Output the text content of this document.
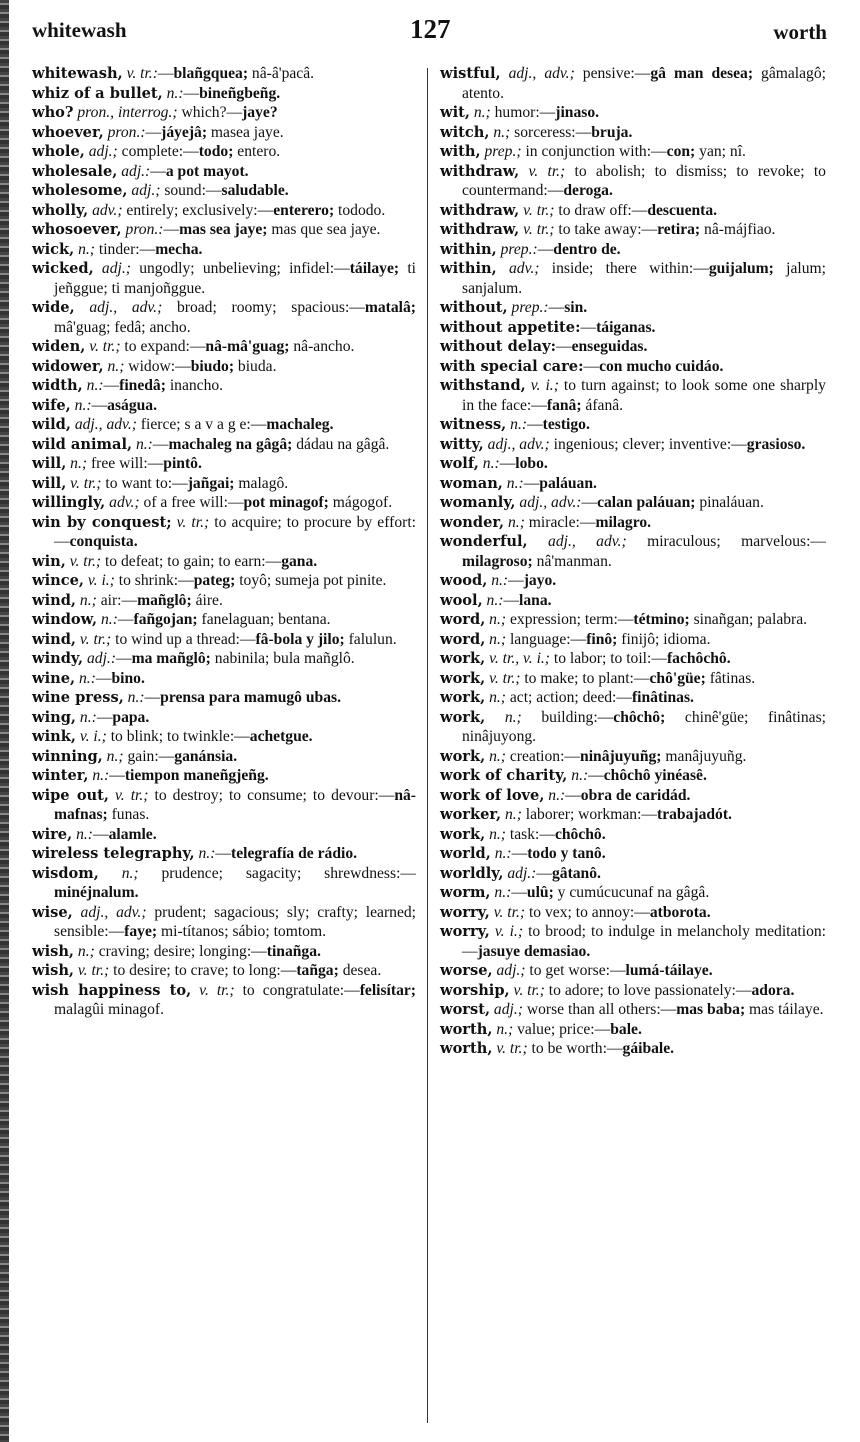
whitewash	127	worth
whitewash, v. tr.:—blañgquea; nâ-â'pacâ.
whiz of a bullet, n.:—bineñgbeñg.
who? pron., interrog.; which?—jaye?
whoever, pron.:—jáyejâ; masea jaye.
whole, adj.; complete:—todo; entero.
wholesale, adj.:—a pot mayot.
wholesome, adj.; sound:—saludable.
wholly, adv.; entirely; exclusively:—enterero; tododo.
whosoever, pron.:—mas sea jaye; mas que sea jaye.
wick, n.; tinder:—mecha.
wicked, adj.; ungodly; unbelieving; infidel:—táilaye; ti jeñggue; ti manjoñggue.
wide, adj., adv.; broad; roomy; spacious:—matalâ; mâ'guag; fedâ; ancho.
widen, v. tr.; to expand:—nâ-mâ'guag; nâ-ancho.
widower, n.; widow:—biudo; biuda.
width, n.:—finedâ; inancho.
wife, n.:—aságua.
wild, adj., adv.; fierce; s a v a g e:—machaleg.
wild animal, n.:—machaleg na gâgâ; dádau na gâgâ.
will, n.; free will:—pintô.
will, v. tr.; to want to:—jañgai; malagô.
willingly, adv.; of a free will:—pot minagof; mágogof.
win by conquest; v. tr.; to acquire; to procure by effort:—conquista.
win, v. tr.; to defeat; to gain; to earn:—gana.
wince, v. i.; to shrink:—pateg; toyô; sumeja pot pinite.
wind, n.; air:—mañglô; áire.
window, n.:—fañgojan; fanelaguan; bentana.
wind, v. tr.; to wind up a thread:—fâ-bola y jilo; falulun.
windy, adj.:—ma mañglô; nabinila; bula mañglô.
wine, n.:—bino.
wine press, n.:—prensa para mamugô ubas.
wing, n.:—papa.
wink, v. i.; to blink; to twinkle:—achetgue.
winning, n.; gain:—ganánsia.
winter, n.:—tiempon maneñgjeñg.
wipe out, v. tr.; to destroy; to consume; to devour:—nâ-mafnas; funas.
wire, n.:—alamle.
wireless telegraphy, n.:—telegrafía de rádio.
wisdom, n.; prudence; sagacity; shrewdness:—minéjnalum.
wise, adj., adv.; prudent; sagacious; sly; crafty; learned; sensible:—faye; mi-títanos; sábio; tomtom.
wish, n.; craving; desire; longing:—tinañga.
wish, v. tr.; to desire; to crave; to long:—tañga; desea.
wish happiness to, v. tr.; to congratulate:—felisítar; malagûi minagof.
wistful, adj., adv.; pensive:—gâ man desea; gâmalagô; atento.
wit, n.; humor:—jinaso.
witch, n.; sorceress:—bruja.
with, prep.; in conjunction with:—con; yan; nî.
withdraw, v. tr.; to abolish; to dismiss; to revoke; to countermand:—deroga.
withdraw, v. tr.; to draw off:—descuenta.
withdraw, v. tr.; to take away:—retira; nâ-májfiao.
within, prep.:—dentro de.
within, adv.; inside; there within:—guijalum; jalum; sanjalum.
without, prep.:—sin.
without appetite:—táiganas.
without delay:—enseguidas.
with special care:—con mucho cuidáo.
withstand, v. i.; to turn against; to look some one sharply in the face:—fanâ; áfanâ.
witness, n.:—testigo.
witty, adj., adv.; ingenious; clever; inventive:—grasioso.
wolf, n.:—lobo.
woman, n.:—paláuan.
womanly, adj., adv.:—calan paláuan; pinaláuan.
wonder, n.; miracle:—milagro.
wonderful, adj., adv.; miraculous; marvelous:—milagroso; nâ'manman.
wood, n.:—jayo.
wool, n.:—lana.
word, n.; expression; term:—tétmino; sinañgan; palabra.
word, n.; language:—finô; finijô; idioma.
work, v. tr., v. i.; to labor; to toil:—fachôchô.
work, v. tr.; to make; to plant:—chô'güe; fâtinas.
work, n.; act; action; deed:—finâtinas.
work, n.; building:—chôchô; chinê'güe; finâtinas; ninâjuyong.
work, n.; creation:—ninâjuyuñg; manâjuyuñg.
work of charity, n.:—chôchô yinéasê.
work of love, n.:—obra de caridád.
worker, n.; laborer; workman:—trabajadót.
work, n.; task:—chôchô.
world, n.:—todo y tanô.
worldly, adj.:—gâtanô.
worm, n.:—ulû; y cumúcucunaf na gâgâ.
worry, v. tr.; to vex; to annoy:—atborota.
worry, v. i.; to brood; to indulge in melancholy meditation:—jasuye demasiao.
worse, adj.; to get worse:—lumá-táilaye.
worship, v. tr.; to adore; to love passionately:—adora.
worst, adj.; worse than all others:—mas baba; mas táilaye.
worth, n.; value; price:—bale.
worth, v. tr.; to be worth:—gáibale.
